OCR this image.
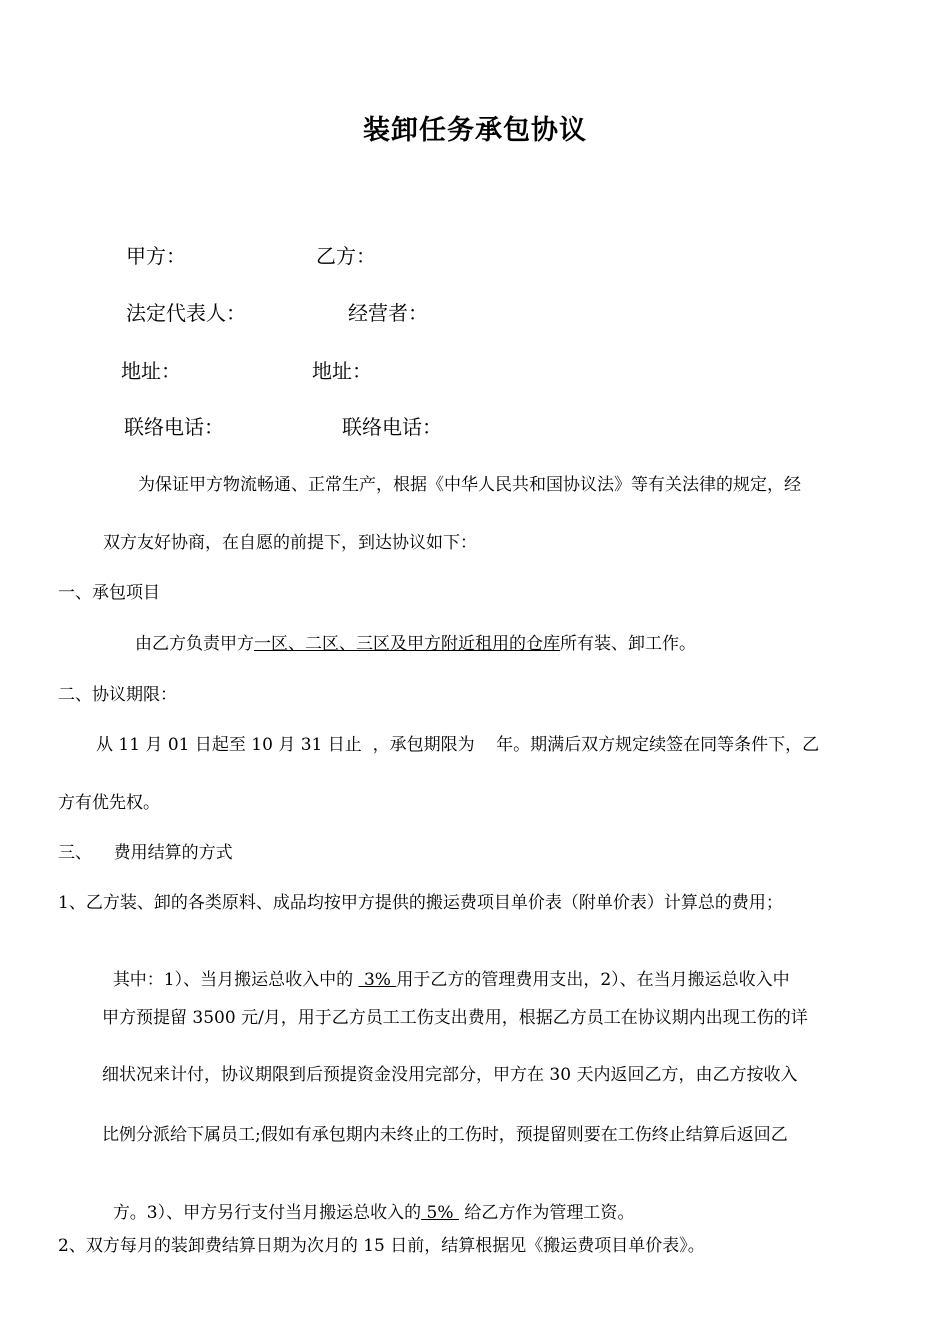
装卸任务承包协议
甲方：	乙方：
法定代表人：	经营者：
地址：	地址：
联络电话：	联络电话：
为保证甲方物流畅通、正常生产，根据《中华人民共和国协议法》等有关法律的规定，经
双方友好协商，在自愿的前提下，到达协议如下：
一、承包项目
由乙方负责甲方一区、二区、三区及甲方附近租用的仓库所有装、卸工作。
二、协议期限：
从 11 月 01 日起至 10 月 31 日止  ，承包期限为    年。期满后双方规定续签在同等条件下，乙
方有优先权。
三、    费用结算的方式
1、乙方装、卸的各类原料、成品均按甲方提供的搬运费项目单价表（附单价表）计算总的费用；

其中：1）、当月搬运总收入中的  3% 用于乙方的管理费用支出，2）、在当月搬运总收入中

甲方预提留 3500 元/月，用于乙方员工工伤支出费用，根据乙方员工在协议期内出现工伤的详
细状况来计付，协议期限到后预提资金没用完部分，甲方在 30 天内返回乙方，由乙方按收入
比例分派给下属员工;假如有承包期内未终止的工伤时，预提留则要在工伤终止结算后返回乙

方。3）、甲方另行支付当月搬运总收入的 5%  给乙方作为管理工资。

2、双方每月的装卸费结算日期为次月的 15 日前，结算根据见《搬运费项目单价表》。
